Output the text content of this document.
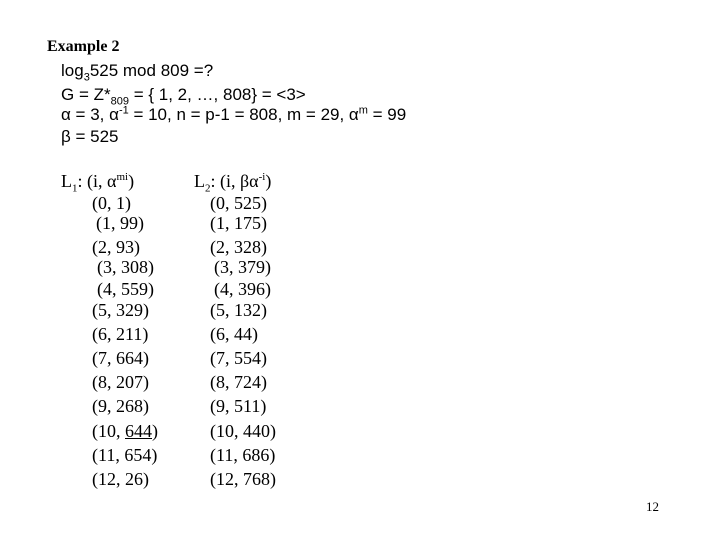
Example 2
$\log_3525$ mod 809 =?
$G = Z*_{809}$ = { 1, 2, …, 808} = <3>
α = 3, $\alpha^{-1} = 10$, n = p-1 = 808, m = 29, $\alpha^m = 99$
β = 525
$L_1$: (i, $\alpha^{mi}$)	$L_2$: (i, $\beta\alpha^{-i}$)
(0, 1)
(1, 99)
(2, 93)
(3, 308)
(4, 559)
(5, 329)
(6, 211)
(7, 664)
(8, 207)
(9, 268)
(10, 644)
(11, 654)
(12, 26)
(0, 525)
(1, 175)
(2, 328)
(3, 379)
(4, 396)
(5, 132)
(6, 44)
(7, 554)
(8, 724)
(9, 511)
(10, 440)
(11, 686)
(12, 768)
12
